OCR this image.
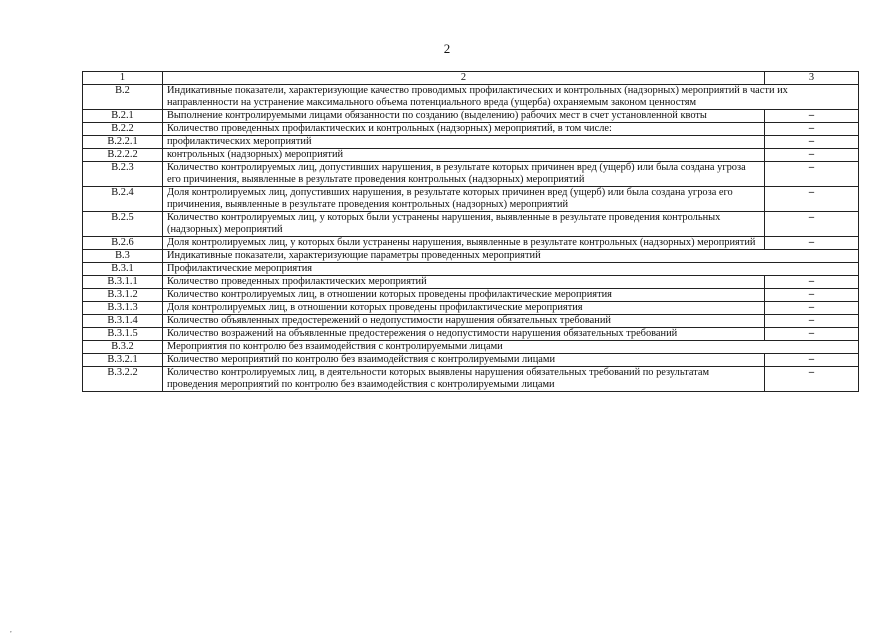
2
1	2	3
В.2	Индикативные показатели, характеризующие качество проводимых профилактических и контрольных (надзорных) мероприятий в части их направленности на устранение максимального объема потенциального вреда (ущерба) охраняемым законом ценностям	
В.2.1	Выполнение контролируемыми лицами обязанности по созданию (выделению) рабочих мест в счет установленной квоты	–
В.2.2	Количество проведенных профилактических и контрольных (надзорных) мероприятий, в том числе:	–
В.2.2.1	профилактических мероприятий	–
В.2.2.2	контрольных (надзорных) мероприятий	–
В.2.3	Количество контролируемых лиц, допустивших нарушения, в результате которых причинен вред (ущерб) или была создана угроза его причинения, выявленные в результате проведения контрольных (надзорных) мероприятий	–
В.2.4	Доля контролируемых лиц, допустивших нарушения, в результате которых причинен вред (ущерб) или была создана угроза его причинения, выявленные в результате проведения контрольных (надзорных) мероприятий	–
В.2.5	Количество контролируемых лиц, у которых были устранены нарушения, выявленные в результате проведения контрольных (надзорных) мероприятий	–
В.2.6	Доля контролируемых лиц, у которых были устранены нарушения, выявленные в результате контрольных (надзорных) мероприятий	–
В.3	Индикативные показатели, характеризующие параметры проведенных мероприятий	
В.3.1	Профилактические мероприятия	
В.3.1.1	Количество проведенных профилактических мероприятий	–
В.3.1.2	Количество контролируемых лиц, в отношении которых проведены профилактические мероприятия	–
В.3.1.3	Доля контролируемых лиц, в отношении которых проведены профилактические мероприятия	–
В.3.1.4	Количество объявленных предостережений о недопустимости нарушения обязательных требований	–
В.3.1.5	Количество возражений на объявленные предостережения о недопустимости нарушения обязательных требований	–
В.3.2	Мероприятия по контролю без взаимодействия с контролируемыми лицами	
В.3.2.1	Количество мероприятий по контролю без взаимодействия с контролируемыми лицами	–
В.3.2.2	Количество контролируемых лиц, в деятельности которых выявлены нарушения обязательных требований по результатам проведения мероприятий по контролю без взаимодействия с контролируемыми лицами	–
,
